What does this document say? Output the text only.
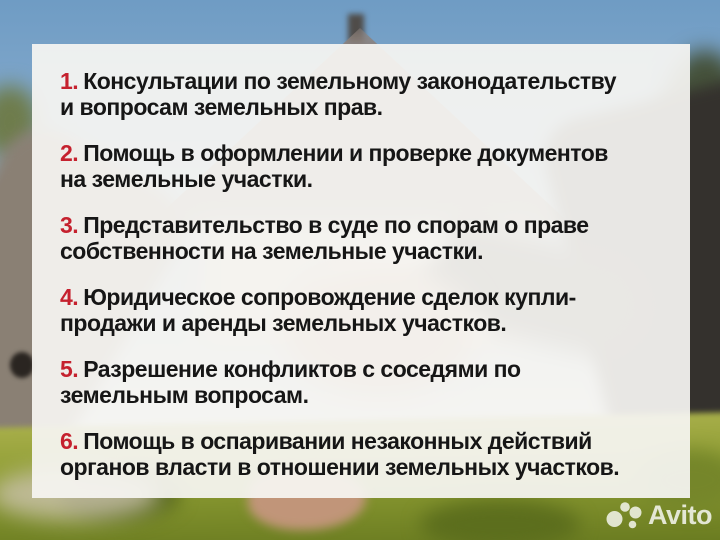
1. Консультации по земельному законодательству
и вопросам земельных прав.
2. Помощь в оформлении и проверке документов
на земельные участки.
3. Представительство в суде по спорам о праве
собственности на земельные участки.
4. Юридическое сопровождение сделок купли-
продажи и аренды земельных участков.
5. Разрешение конфликтов с соседями по
земельным вопросам.
6. Помощь в оспаривании незаконных действий
органов власти в отношении земельных участков.
Avito
